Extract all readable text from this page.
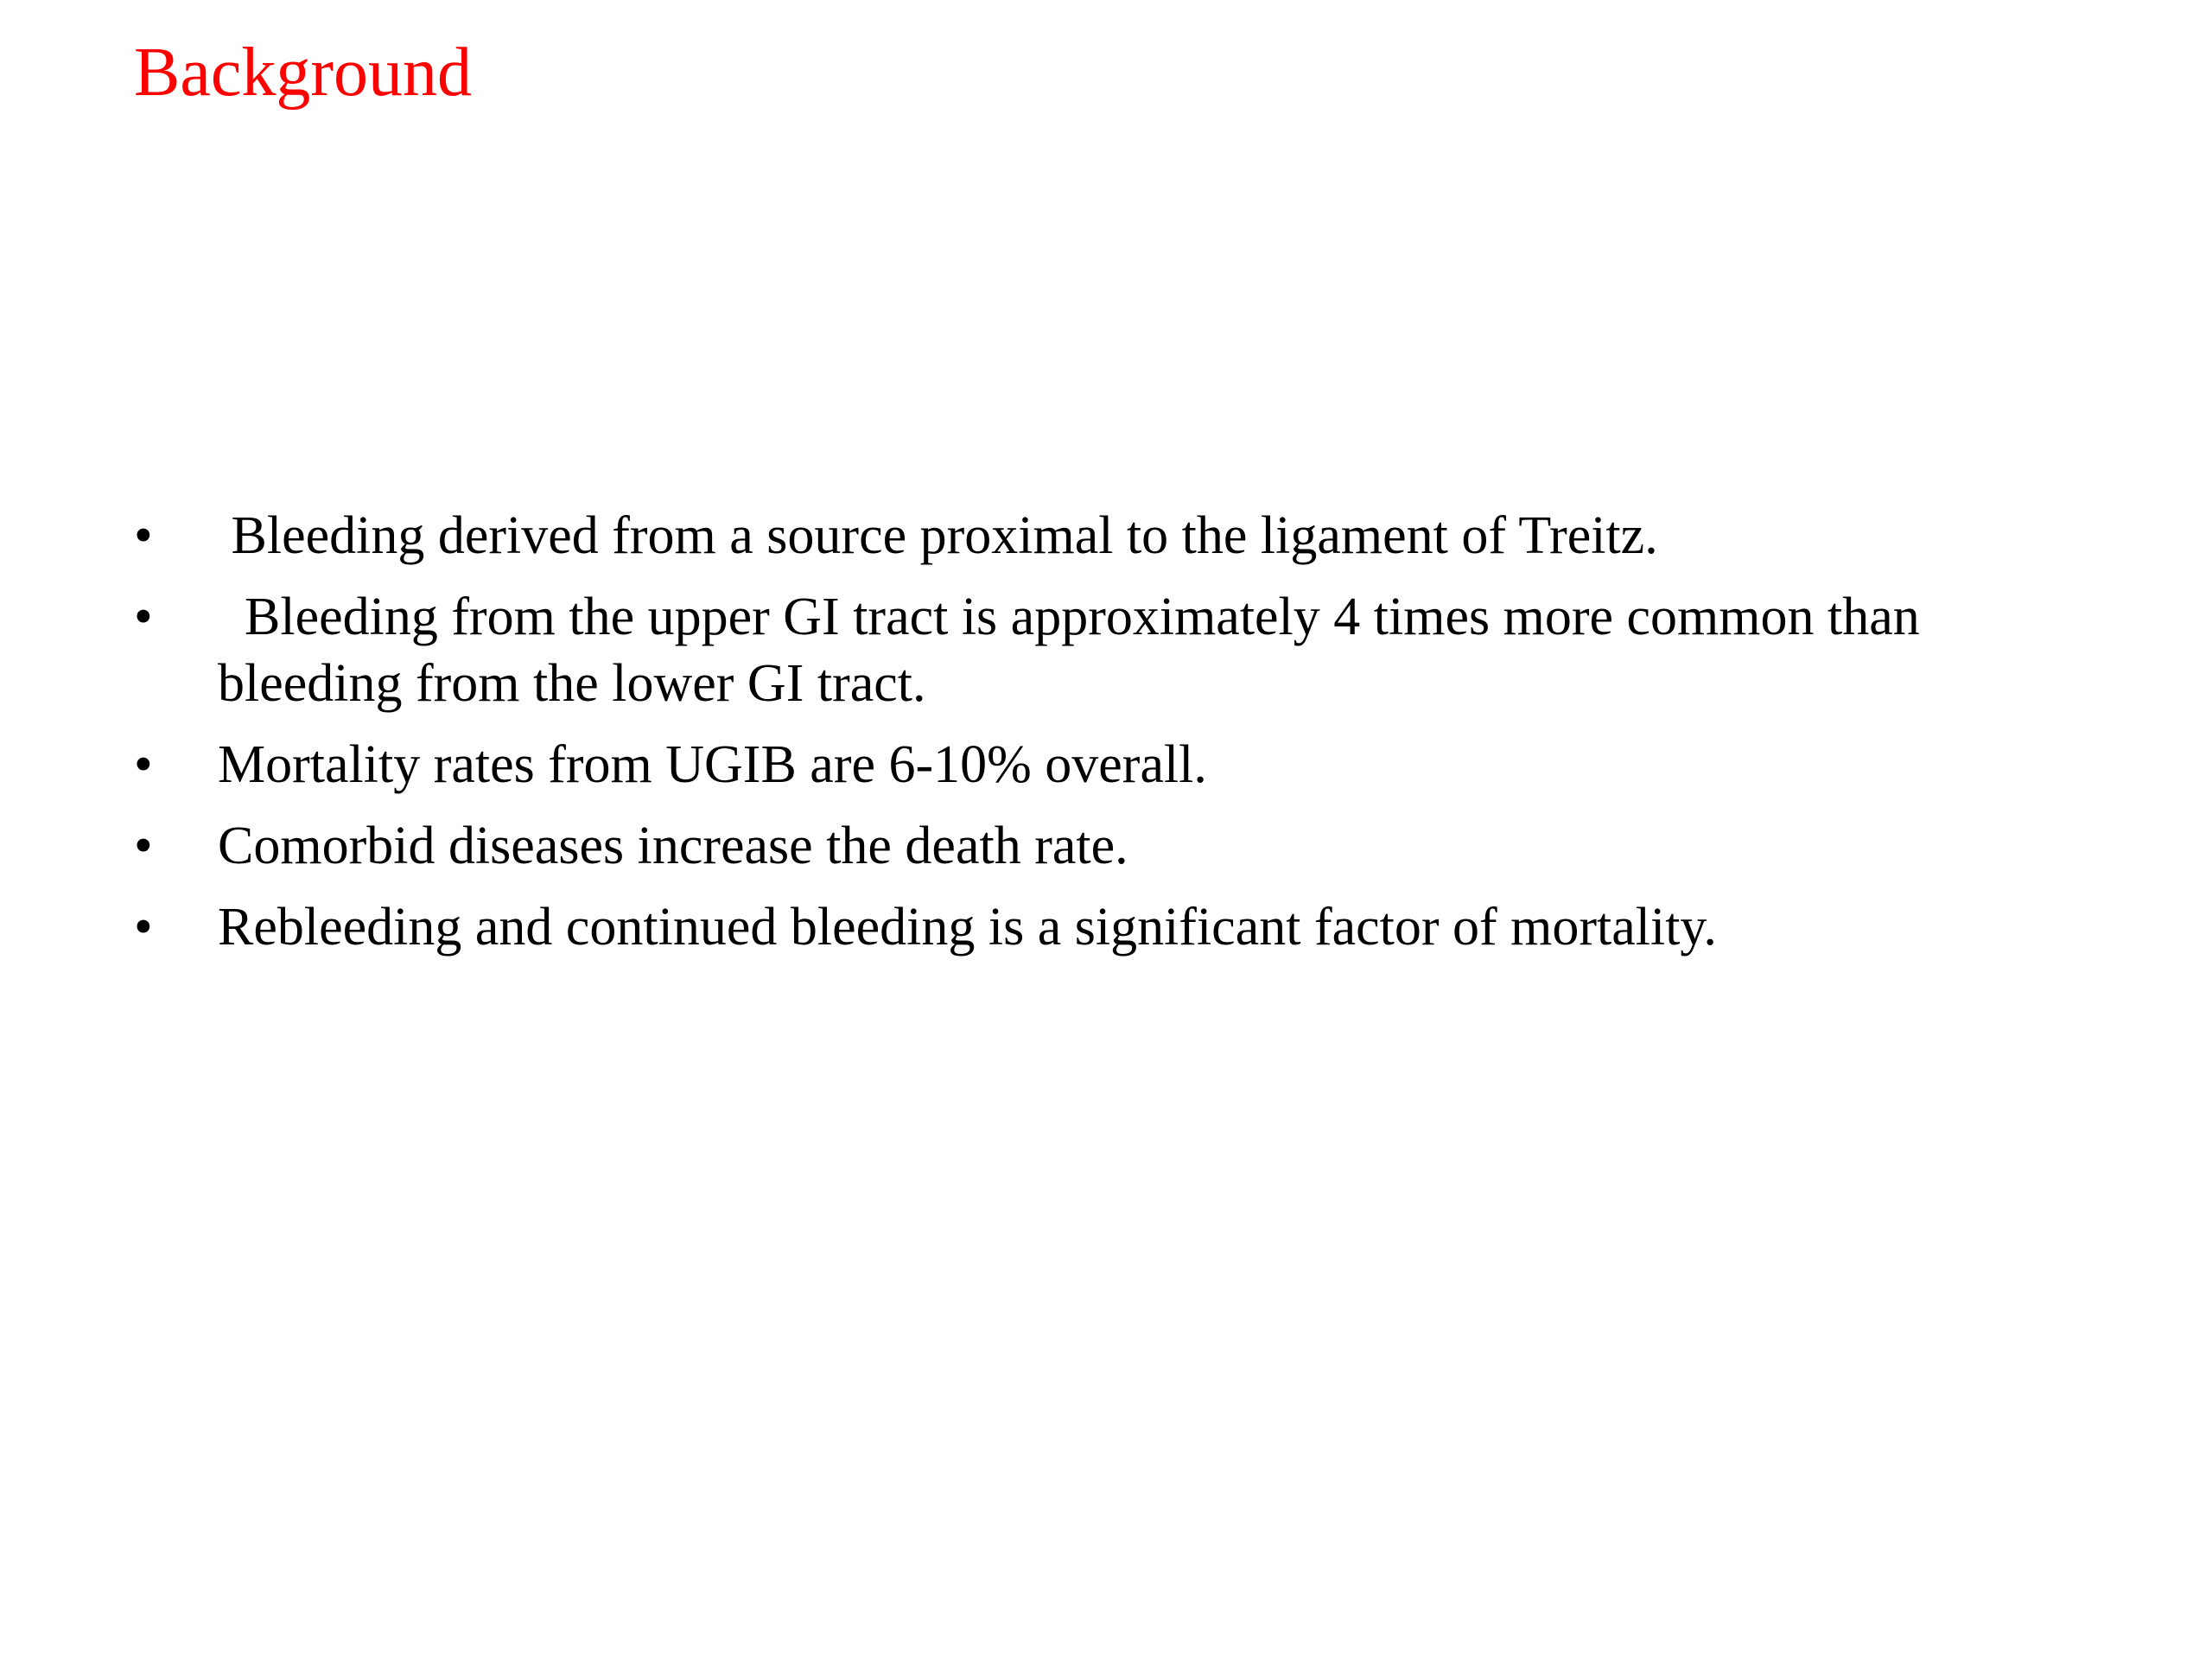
Background
• Bleeding derived from a source proximal to the ligament of Treitz.
• Bleeding from the upper GI tract is approximately 4 times more common than bleeding from the lower GI tract.
• Mortality rates from UGIB are 6-10% overall.
• Comorbid diseases increase the death rate.
• Rebleeding and continued bleeding is a significant factor of mortality.
